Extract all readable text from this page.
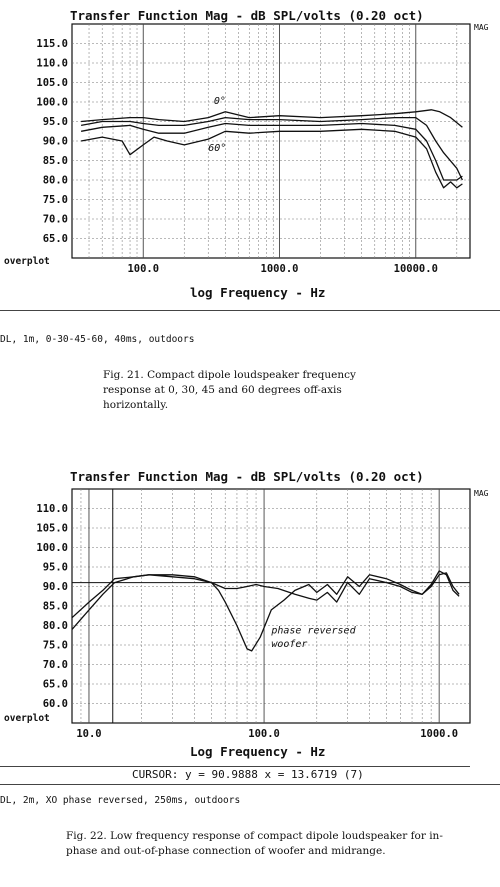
Transfer Function Mag - dB SPL/volts (0.20 oct)
65.0
70.0
75.0
80.0
85.0
90.0
95.0
100.0
105.0
110.0
115.0
100.0	1000.0	10000.0
0°
60°
MAG
overplot
log Frequency - Hz
DL, 1m, 0-30-45-60, 40ms, outdoors
Fig. 21. Compact dipole loudspeaker frequency response at 0, 30, 45 and 60 degrees off-axis horizontally.
Transfer Function Mag - dB SPL/volts (0.20 oct)
60.0
65.0
70.0
75.0
80.0
85.0
90.0
95.0
100.0
105.0
110.0
10.0	100.0	1000.0
phase reversed
woofer
MAG
overplot
Log Frequency - Hz
CURSOR: y = 90.9888 x = 13.6719 (7)
DL, 2m, XO phase reversed, 250ms, outdoors
Fig. 22. Low frequency response of compact dipole loudspeaker for in-phase and out-of-phase connection of woofer and midrange.
